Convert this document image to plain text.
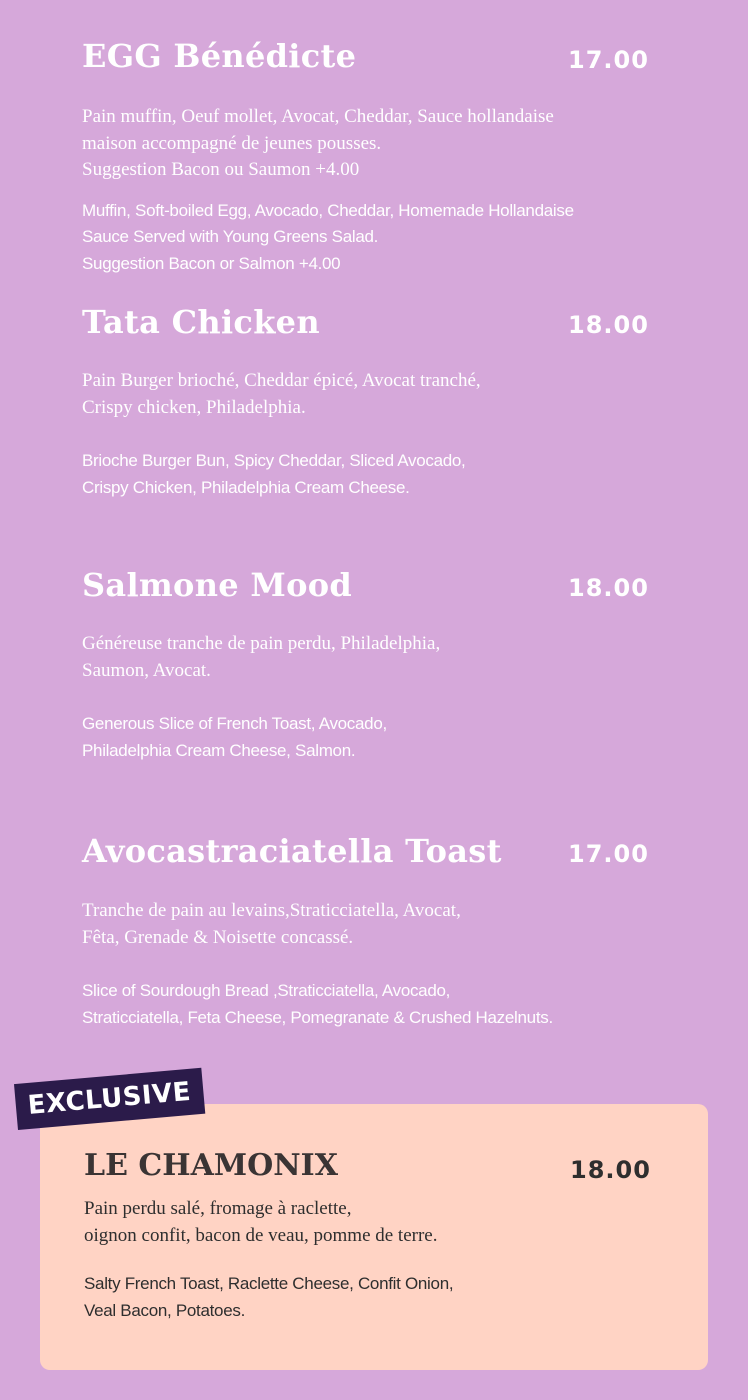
EGG Bénédicte	17.00

Pain muffin, Oeuf mollet, Avocat, Cheddar, Sauce hollandaise
maison accompagné de jeunes pousses.
Suggestion Bacon ou Saumon +4.00

Muffin, Soft-boiled Egg, Avocado, Cheddar, Homemade Hollandaise
Sauce Served with Young Greens Salad.
Suggestion Bacon or Salmon +4.00

Tata Chicken	18.00

Pain Burger brioché, Cheddar épicé, Avocat tranché,
Crispy chicken, Philadelphia.

Brioche Burger Bun, Spicy Cheddar, Sliced Avocado,
Crispy Chicken, Philadelphia Cream Cheese.

Salmone Mood	18.00

Généreuse tranche de pain perdu, Philadelphia,
Saumon, Avocat.

Generous Slice of French Toast, Avocado,
Philadelphia Cream Cheese, Salmon.

Avocastraciatella Toast	17.00

Tranche de pain au levains,Straticciatella, Avocat,
Fêta, Grenade & Noisette concassé.

Slice of Sourdough Bread ,Straticciatella, Avocado,
Straticciatella, Feta Cheese, Pomegranate & Crushed Hazelnuts.

EXCLUSIVE
LE CHAMONIX	18.00

Pain perdu salé, fromage à raclette,
oignon confit, bacon de veau, pomme de terre.

Salty French Toast, Raclette Cheese, Confit Onion,
Veal Bacon, Potatoes.
